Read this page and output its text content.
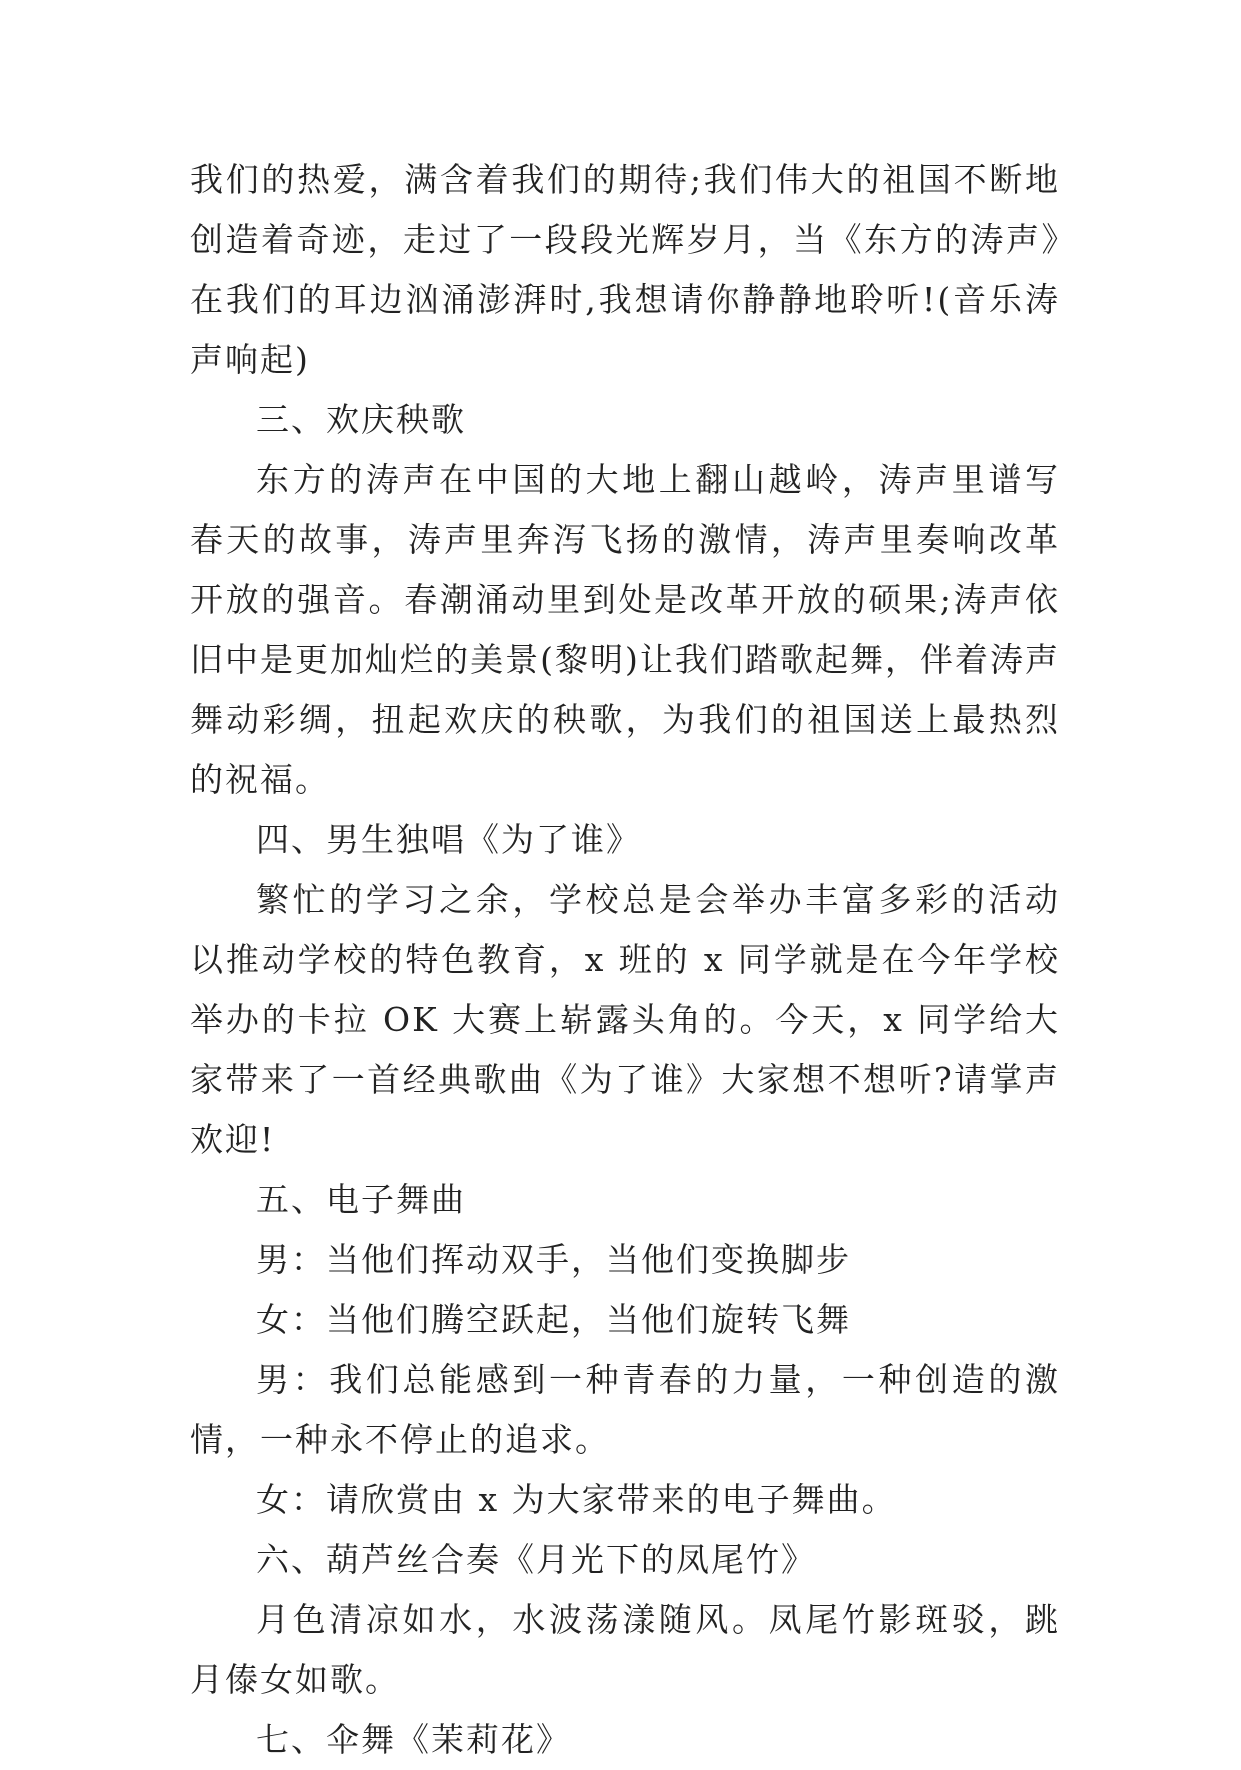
我们的热爱，满含着我们的期待;我们伟大的祖国不断地创造着奇迹，走过了一段段光辉岁月，当《东方的涛声》在我们的耳边汹涌澎湃时,我想请你静静地聆听!(音乐涛声响起)

三、欢庆秧歌

东方的涛声在中国的大地上翻山越岭，涛声里谱写春天的故事，涛声里奔泻飞扬的激情，涛声里奏响改革开放的强音。春潮涌动里到处是改革开放的硕果;涛声依旧中是更加灿烂的美景(黎明)让我们踏歌起舞，伴着涛声舞动彩绸，扭起欢庆的秧歌，为我们的祖国送上最热烈的祝福。

四、男生独唱《为了谁》

繁忙的学习之余，学校总是会举办丰富多彩的活动以推动学校的特色教育，x 班的 x 同学就是在今年学校举办的卡拉 OK 大赛上崭露头角的。今天，x 同学给大家带来了一首经典歌曲《为了谁》大家想不想听?请掌声欢迎!

五、电子舞曲

男：当他们挥动双手，当他们变换脚步

女：当他们腾空跃起，当他们旋转飞舞

男：我们总能感到一种青春的力量，一种创造的激情，一种永不停止的追求。

女：请欣赏由 x 为大家带来的电子舞曲。

六、葫芦丝合奏《月光下的凤尾竹》

月色清凉如水，水波荡漾随风。凤尾竹影斑驳，跳月傣女如歌。

七、伞舞《茉莉花》
